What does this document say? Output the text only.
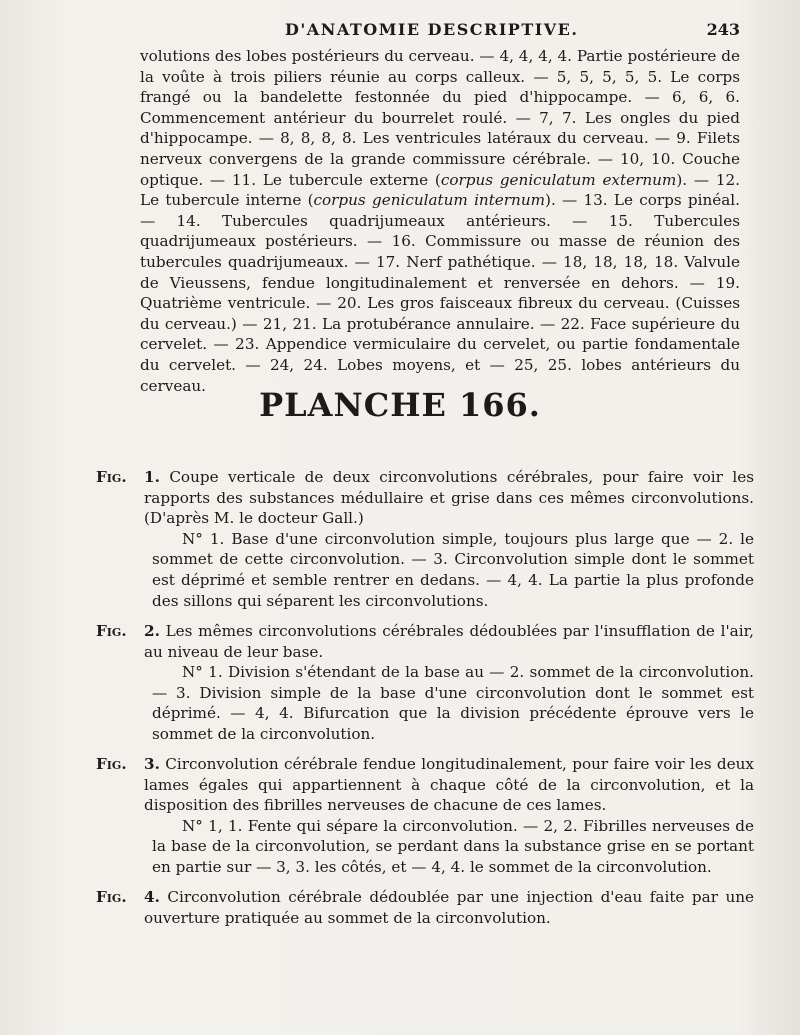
D'ANATOMIE DESCRIPTIVE.	243
volutions des lobes postérieurs du cerveau. — 4, 4, 4, 4. Partie postérieure de la voûte à trois piliers réunie au corps calleux. — 5, 5, 5, 5, 5. Le corps frangé ou la bandelette festonnée du pied d'hippocampe. — 6, 6, 6. Commencement antérieur du bourrelet roulé. — 7, 7. Les ongles du pied d'hippocampe. — 8, 8, 8, 8. Les ventricules latéraux du cerveau. — 9. Filets nerveux convergens de la grande commissure cérébrale. — 10, 10. Couche optique. — 11. Le tubercule externe (corpus geniculatum externum). — 12. Le tubercule interne (corpus geniculatum internum). — 13. Le corps pinéal. — 14. Tubercules quadrijumeaux antérieurs. — 15. Tubercules quadrijumeaux postérieurs. — 16. Commissure ou masse de réunion des tubercules quadrijumeaux. — 17. Nerf pathétique. — 18, 18, 18, 18. Valvule de Vieussens, fendue longitudinalement et renversée en dehors. — 19. Quatrième ventricule. — 20. Les gros faisceaux fibreux du cerveau. (Cuisses du cerveau.) — 21, 21. La protubérance annulaire. — 22. Face supérieure du cervelet. — 23. Appendice vermiculaire du cervelet, ou partie fondamentale du cervelet. — 24, 24. Lobes moyens, et — 25, 25. lobes antérieurs du cerveau.
PLANCHE 166.
Fig.	1. Coupe verticale de deux circonvolutions cérébrales, pour faire voir les rapports des substances médullaire et grise dans ces mêmes circonvolutions. (D'après M. le docteur Gall.)
N° 1. Base d'une circonvolution simple, toujours plus large que — 2. le sommet de cette circonvolution. — 3. Circonvolution simple dont le sommet est déprimé et semble rentrer en dedans. — 4, 4. La partie la plus profonde des sillons qui séparent les circonvolutions.
Fig.	2. Les mêmes circonvolutions cérébrales dédoublées par l'insufflation de l'air, au niveau de leur base.
N° 1. Division s'étendant de la base au — 2. sommet de la circonvolution. — 3. Division simple de la base d'une circonvolution dont le sommet est déprimé. — 4, 4. Bifurcation que la division précédente éprouve vers le sommet de la circonvolution.
Fig.	3. Circonvolution cérébrale fendue longitudinalement, pour faire voir les deux lames égales qui appartiennent à chaque côté de la circonvolution, et la disposition des fibrilles nerveuses de chacune de ces lames.
N° 1, 1. Fente qui sépare la circonvolution. — 2, 2. Fibrilles nerveuses de la base de la circonvolution, se perdant dans la substance grise en se portant en partie sur — 3, 3. les côtés, et — 4, 4. le sommet de la circonvolution.
Fig.	4. Circonvolution cérébrale dédoublée par une injection d'eau faite par une ouverture pratiquée au sommet de la circonvolution.
